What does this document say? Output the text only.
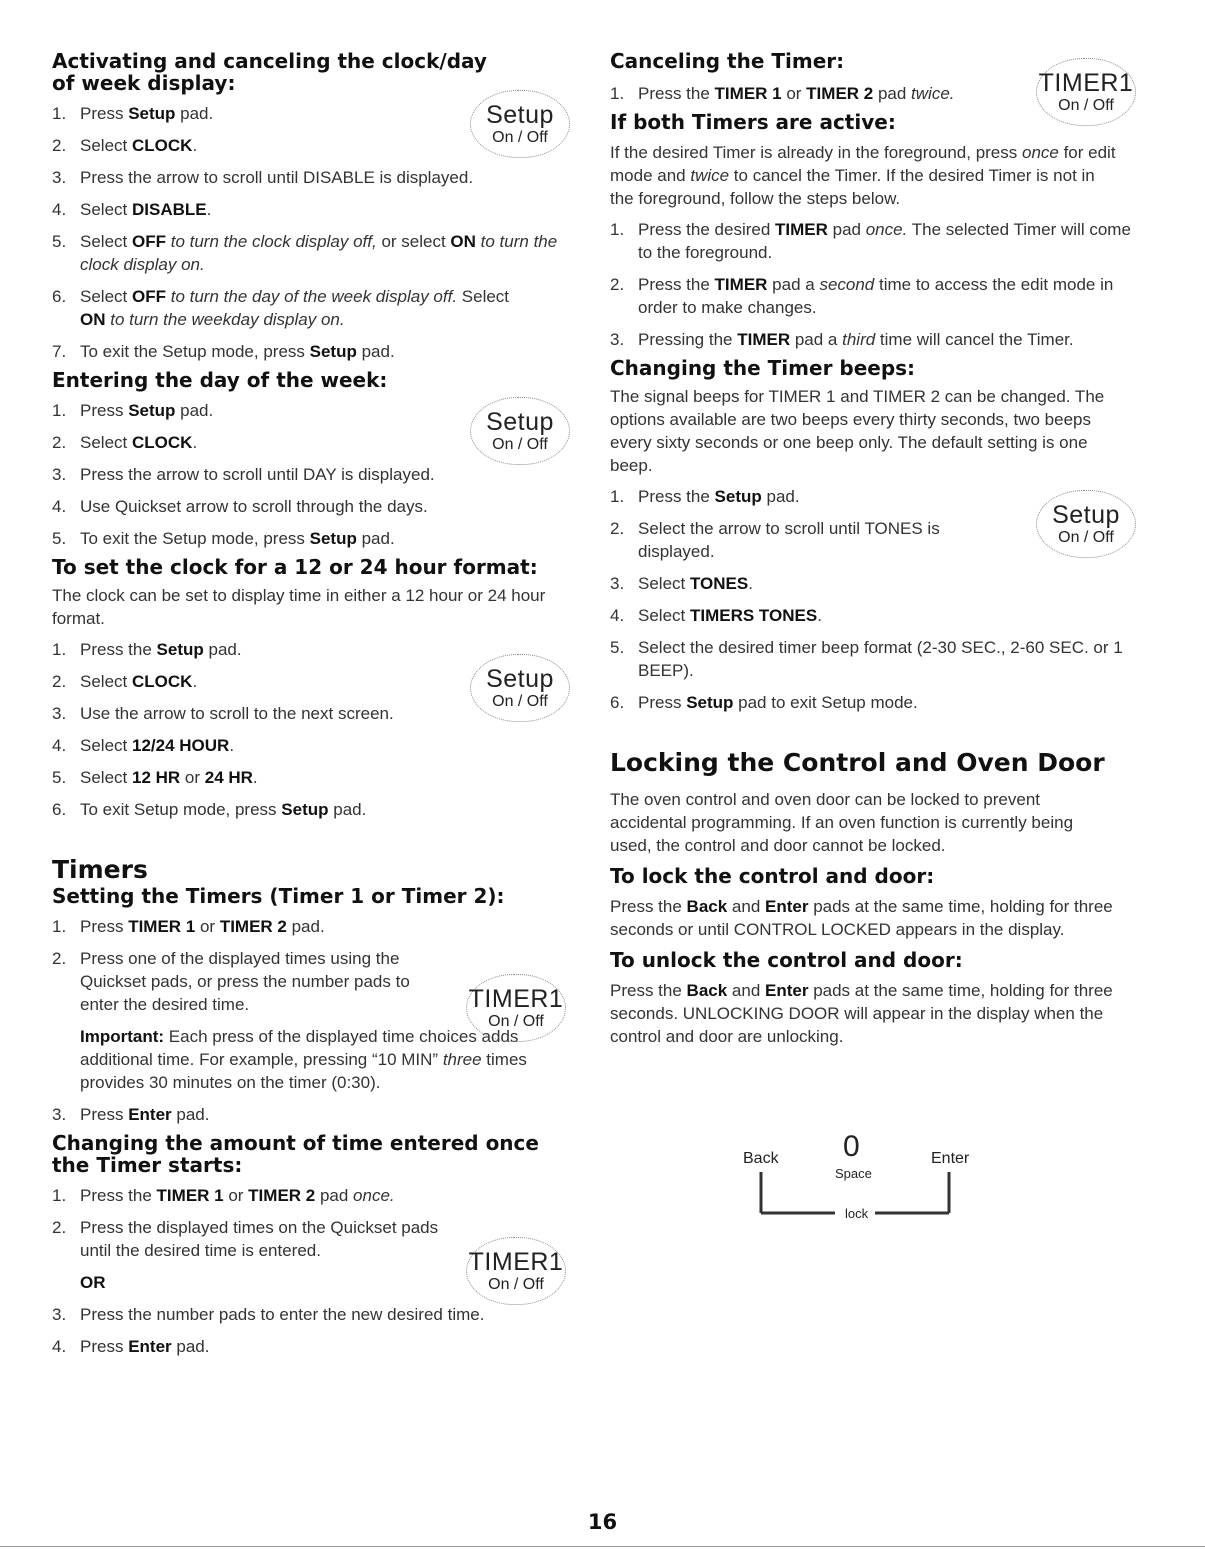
Activating and canceling the clock/day of week display:
1. Press Setup pad.
2. Select CLOCK.
3. Press the arrow to scroll until DISABLE is displayed.
4. Select DISABLE.
5. Select OFF to turn the clock display off, or select ON to turn the clock display on.
6. Select OFF to turn the day of the week display off. Select
ON to turn the weekday display on.
7. To exit the Setup mode, press Setup pad.
Entering the day of the week:
1. Press Setup pad.
2. Select CLOCK.
3. Press the arrow to scroll until DAY is displayed.
4. Use Quickset arrow to scroll through the days.
5. To exit the Setup mode, press Setup pad.
To set the clock for a 12 or 24 hour format:
The clock can be set to display time in either a 12 hour or 24 hour format.
1. Press the Setup pad.
2. Select CLOCK.
3. Use the arrow to scroll to the next screen.
4. Select 12/24 HOUR.
5. Select 12 HR or 24 HR.
6. To exit Setup mode, press Setup pad.
Timers
Setting the Timers (Timer 1 or Timer 2):
1. Press TIMER 1 or TIMER 2 pad.
2. Press one of the displayed times using the Quickset pads, or press the number pads to enter the desired time.
Important: Each press of the displayed time choices adds additional time. For example, pressing “10 MIN” three times provides 30 minutes on the timer (0:30).
3. Press Enter pad.
Changing the amount of time entered once the Timer starts:
1. Press the TIMER 1 or TIMER 2 pad once.
2. Press the displayed times on the Quickset pads until the desired time is entered.
OR
3. Press the number pads to enter the new desired time.
4. Press Enter pad.
Setup
On / Off
Setup
On / Off
Setup
On / Off
TIMER1
On / Off
TIMER1
On / Off
Canceling the Timer:
1. Press the TIMER 1 or TIMER 2 pad twice.
If both Timers are active:
If the desired Timer is already in the foreground, press once for edit mode and twice to cancel the Timer. If the desired Timer is not in the foreground, follow the steps below.
1. Press the desired TIMER pad once. The selected Timer will come to the foreground.
2. Press the TIMER pad a second time to access the edit mode in order to make changes.
3. Pressing the TIMER pad a third time will cancel the Timer.
Changing the Timer beeps:
The signal beeps for TIMER 1 and TIMER 2 can be changed. The options available are two beeps every thirty seconds, two beeps every sixty seconds or one beep only. The default setting is one beep.
1. Press the Setup pad.
2. Select the arrow to scroll until TONES is displayed.
3. Select TONES.
4. Select TIMERS TONES.
5. Select the desired timer beep format (2-30 SEC., 2-60 SEC. or 1 BEEP).
6. Press Setup pad to exit Setup mode.
Locking the Control and Oven Door
The oven control and oven door can be locked to prevent accidental programming. If an oven function is currently being used, the control and door cannot be locked.
To lock the control and door:
Press the Back and Enter pads at the same time, holding for three seconds or until CONTROL LOCKED appears in the display.
To unlock the control and door:
Press the Back and Enter pads at the same time, holding for three seconds. UNLOCKING DOOR will appear in the display when the control and door are unlocking.
TIMER1
On / Off
Setup
On / Off
Back 0
Space
Enter
lock
16
